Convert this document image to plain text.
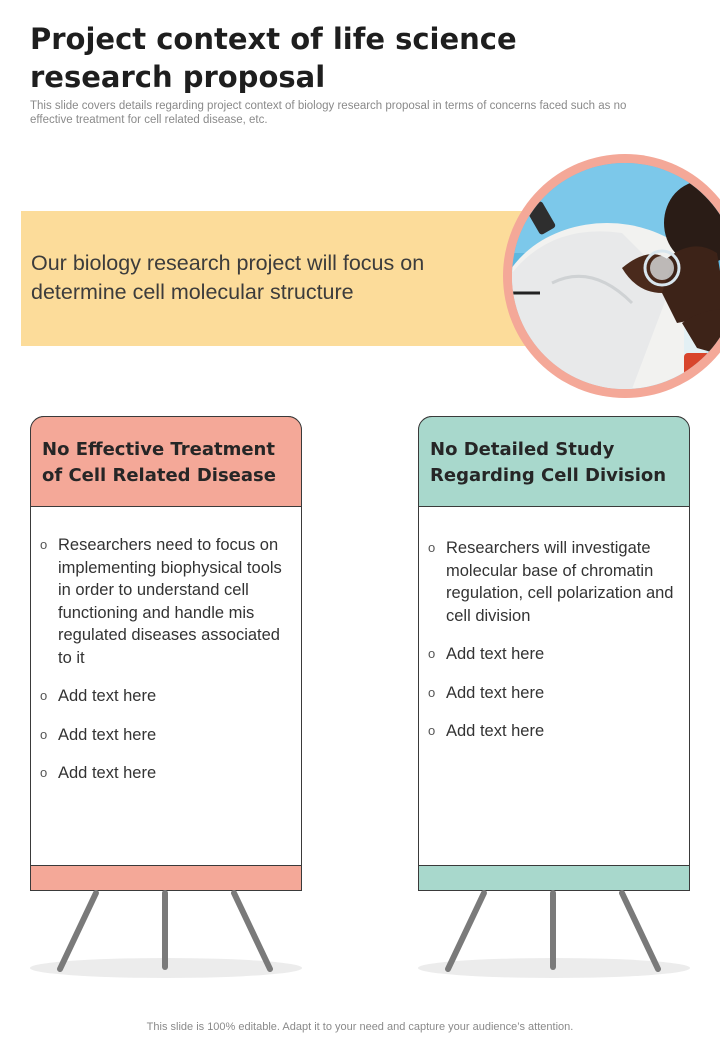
Project context of life science research proposal

This slide covers details regarding project context of biology research proposal in terms of concerns faced such as no effective treatment for cell related disease, etc.

Our biology research project will focus on determine cell molecular structure

No Effective Treatment of Cell Related Disease

o Researchers need to focus on implementing biophysical tools in order to understand cell functioning and handle mis regulated diseases associated to it
o Add text here
o Add text here
o Add text here

No Detailed Study Regarding Cell Division

o Researchers will investigate molecular base of chromatin regulation, cell polarization and cell division
o Add text here
o Add text here
o Add text here

This slide is 100% editable. Adapt it to your need and capture your audience’s attention.
